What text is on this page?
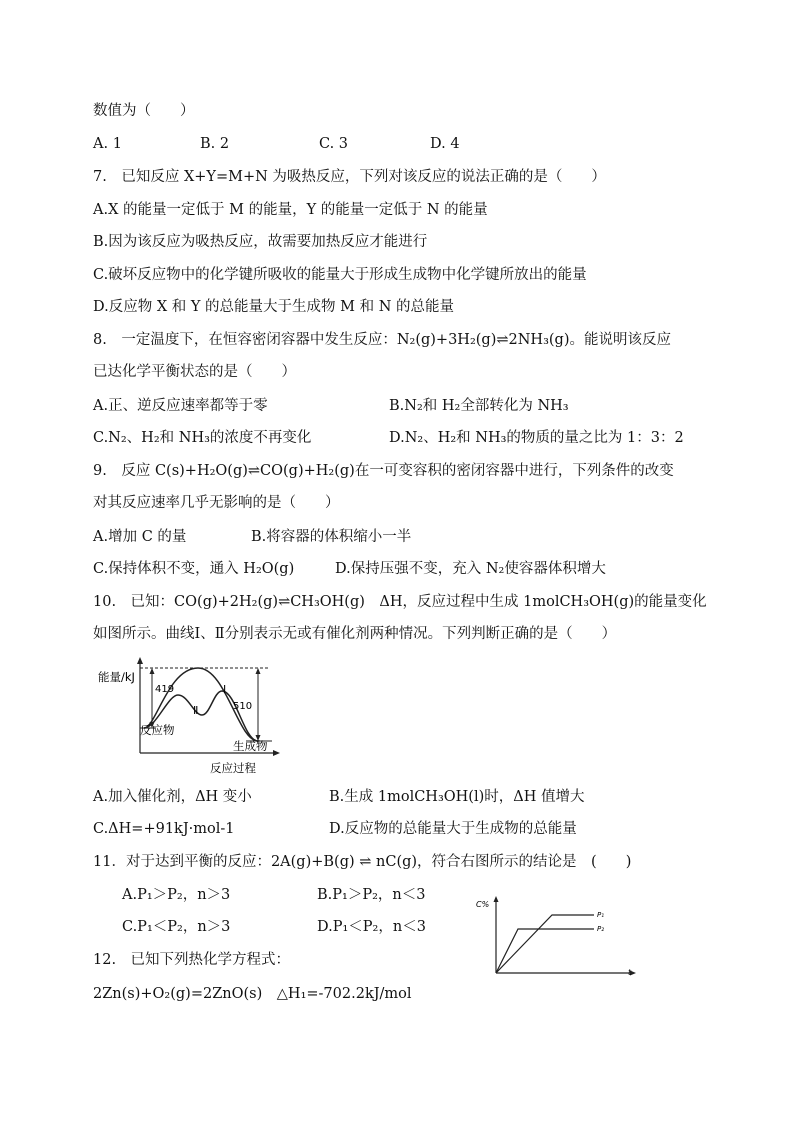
数值为（　　）
A. 1	B. 2	C. 3	D. 4
7.　已知反应 X+Y=M+N 为吸热反应，下列对该反应的说法正确的是（　　）
A.X 的能量一定低于 M 的能量，Y 的能量一定低于 N 的能量
B.因为该反应为吸热反应，故需要加热反应才能进行
C.破坏反应物中的化学键所吸收的能量大于形成生成物中化学键所放出的能量
D.反应物 X 和 Y 的总能量大于生成物 M 和 N 的总能量
8.　一定温度下，在恒容密闭容器中发生反应：N₂(g)+3H₂(g)⇌2NH₃(g)。能说明该反应
已达化学平衡状态的是（　　）
A.正、逆反应速率都等于零	B.N₂和 H₂全部转化为 NH₃
C.N₂、H₂和 NH₃的浓度不再变化	D.N₂、H₂和 NH₃的物质的量之比为 1：3：2
9.　反应 C(s)+H₂O(g)⇌CO(g)+H₂(g)在一可变容积的密闭容器中进行，下列条件的改变
对其反应速率几乎无影响的是（　　）
A.增加 C 的量	B.将容器的体积缩小一半
C.保持体积不变，通入 H₂O(g)	D.保持压强不变，充入 N₂使容器体积增大
10.　已知：CO(g)+2H₂(g)⇌CH₃OH(g)　ΔH，反应过程中生成 1molCH₃OH(g)的能量变化
如图所示。曲线Ⅰ、Ⅱ分别表示无或有催化剂两种情况。下列判断正确的是（　　）
能量/kJ
419
510
Ⅰ
Ⅱ
反应物
生成物
反应过程
A.加入催化剂，ΔH 变小	B.生成 1molCH₃OH(l)时，ΔH 值增大
C.ΔH=+91kJ·mol-1	D.反应物的总能量大于生成物的总能量
11．对于达到平衡的反应：2A(g)+B(g) ⇌ nC(g)，符合右图所示的结论是　(　　)
A.P₁＞P₂，n＞3	B.P₁＞P₂，n＜3
C.P₁＜P₂，n＞3	D.P₁＜P₂，n＜3
C%
t
P₁
P₂
12.　已知下列热化学方程式：
2Zn(s)+O₂(g)=2ZnO(s)　△H₁=-702.2kJ/mol
